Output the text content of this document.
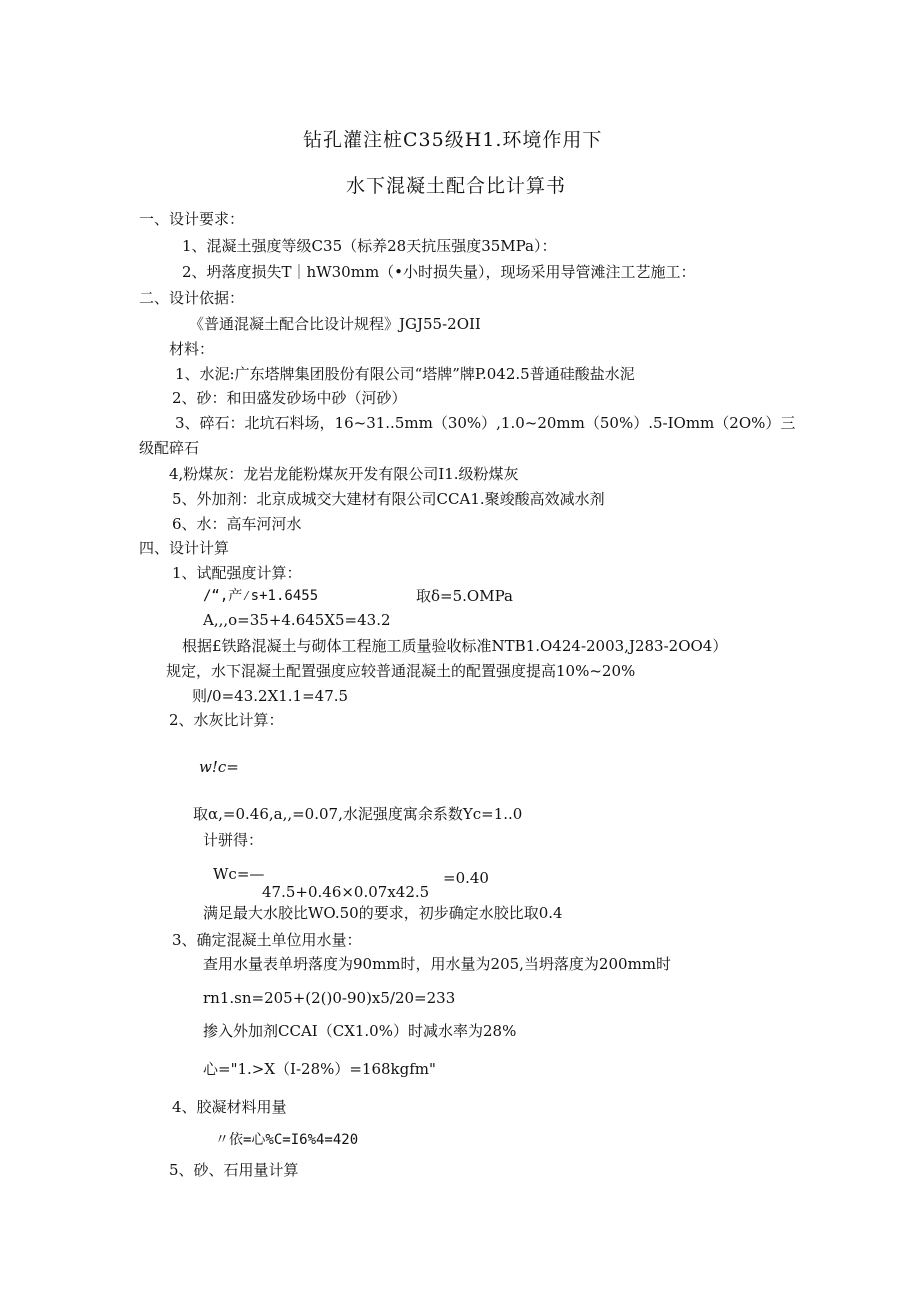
钻孔灌注桩C35级H1.环境作用下
水下混凝土配合比计算书
一、设计要求：
1、混凝土强度等级C35（标养28天抗压强度35MPa）：
2、坍落度损失T｜hW30mm（•小时损失量），现场采用导管滩注工艺施工：
二、设计依据：
《普通混凝土配合比设计规程》JGJ55-2OII
材料：
1、水泥:广东塔牌集团股份有限公司“塔牌”牌P.042.5普通硅酸盐水泥
2、砂：和田盛发砂场中砂（河砂）
3、碎石：北坑石料场，16~31..5mm（30%）,1.0~20mm（50%）.5-IOmm（2O%）三
级配碎石
4,粉煤灰：龙岩龙能粉煤灰开发有限公司I1.级粉煤灰
5、外加剂：北京成城交大建材有限公司CCA1.聚竣酸高效减水剂
6、水：高车河河水
四、设计计算
1、试配强度计算：
/“,产⁄s+1.6455	取δ=5.OMPa
A,,,o=35+4.645X5=43.2
根据£铁路混凝土与砌体工程施工质量验收标准NTB1.O424-2003,J283-2OO4）
规定，水下混凝土配置强度应较普通混凝土的配置强度提高10%~20%
则/0=43.2X1.1=47.5
2、水灰比计算：
w!c=
取α,=0.46,a,,=0.07,水泥强度寓余系数Yc=1..0
计骈得：
Wc=—
47.5+0.46×0.07x42.5
=0.40
满足最大水胶比WO.50的要求，初步确定水胶比取0.4
3、确定混凝土单位用水量：
查用水量表单坍落度为90mm时，用水量为205,当坍落度为200mm时
rn1.sn=205+(2()0-90)x5/20=233
掺入外加剂CCAI（CX1.0%）时减水率为28%
心="1.>X（I-28%）=168kgfm"
4、胶凝材料用量
〃依=心%C=I6%4=420
5、砂、石用量计算
